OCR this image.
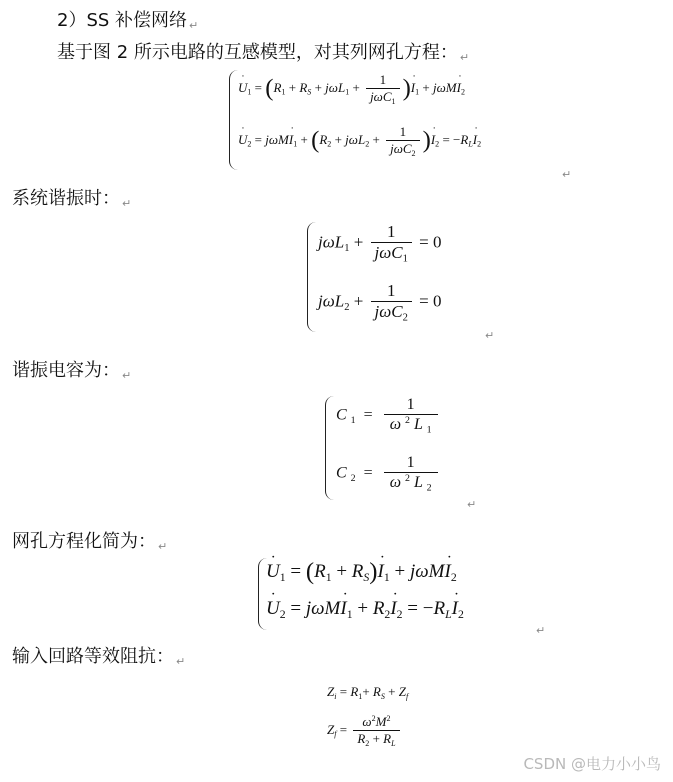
2）SS 补偿网络 ↵
基于图 2 所示电路的互感模型，对其列网孔方程： ↵
˙ $U_1 = (R_1 + R_S + j\omega L_1 + \frac{1}{j\omega C_1}$ )˙ $I_1$ + jωM˙ $I_2$
˙ $U_2$ = jωM˙ $I_1 + (R_2 + j\omega L_2 + \frac{1}{j\omega C_2}$ )˙ $I_2$ = $-R_L˙$ $I_2$
↵
系统谐振时： ↵
$j\omega L_1 + \frac{1}{j\omega C_1} = 0$
$j\omega L_2 + \frac{1}{j\omega C_2} = 0$
↵
谐振电容为： ↵
C $_1 = \frac{1}{\omega ^2 L _1}$
C $_2 = \frac{1}{\omega ^2 L _2}$
↵
网孔方程化简为： ↵
˙ $U_1 = (R_1$ + $R_S)˙$ $I_1$ + jωM˙ $I_2$
˙ $U_2$ = jωM˙ $I_1$ + $R_2˙$ $I_2$ = $-R_L˙$ $I_2$
↵
输入回路等效阻抗： ↵
$Z_i = R_1+ R_S + Z_f$
$Z_f = \frac{\omega^2M^2}{R_2 + R_L}$
CSDN @电力小小鸟
